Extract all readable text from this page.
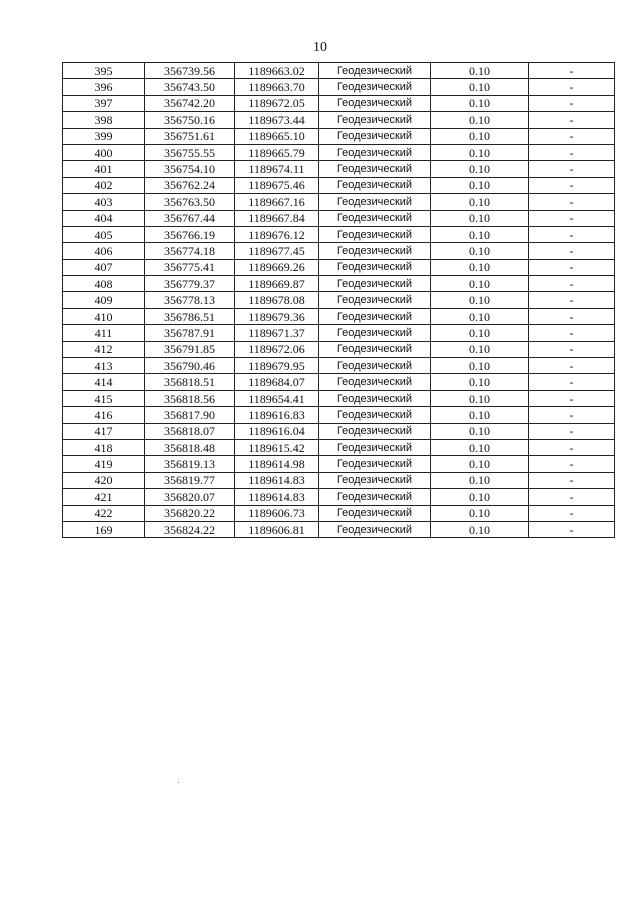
10
395	356739.56	1189663.02	Геодезический	0.10	-
396	356743.50	1189663.70	Геодезический	0.10	-
397	356742.20	1189672.05	Геодезический	0.10	-
398	356750.16	1189673.44	Геодезический	0.10	-
399	356751.61	1189665.10	Геодезический	0.10	-
400	356755.55	1189665.79	Геодезический	0.10	-
401	356754.10	1189674.11	Геодезический	0.10	-
402	356762.24	1189675.46	Геодезический	0.10	-
403	356763.50	1189667.16	Геодезический	0.10	-
404	356767.44	1189667.84	Геодезический	0.10	-
405	356766.19	1189676.12	Геодезический	0.10	-
406	356774.18	1189677.45	Геодезический	0.10	-
407	356775.41	1189669.26	Геодезический	0.10	-
408	356779.37	1189669.87	Геодезический	0.10	-
409	356778.13	1189678.08	Геодезический	0.10	-
410	356786.51	1189679.36	Геодезический	0.10	-
411	356787.91	1189671.37	Геодезический	0.10	-
412	356791.85	1189672.06	Геодезический	0.10	-
413	356790.46	1189679.95	Геодезический	0.10	-
414	356818.51	1189684.07	Геодезический	0.10	-
415	356818.56	1189654.41	Геодезический	0.10	-
416	356817.90	1189616.83	Геодезический	0.10	-
417	356818.07	1189616.04	Геодезический	0.10	-
418	356818.48	1189615.42	Геодезический	0.10	-
419	356819.13	1189614.98	Геодезический	0.10	-
420	356819.77	1189614.83	Геодезический	0.10	-
421	356820.07	1189614.83	Геодезический	0.10	-
422	356820.22	1189606.73	Геодезический	0.10	-
169	356824.22	1189606.81	Геодезический	0.10	-
